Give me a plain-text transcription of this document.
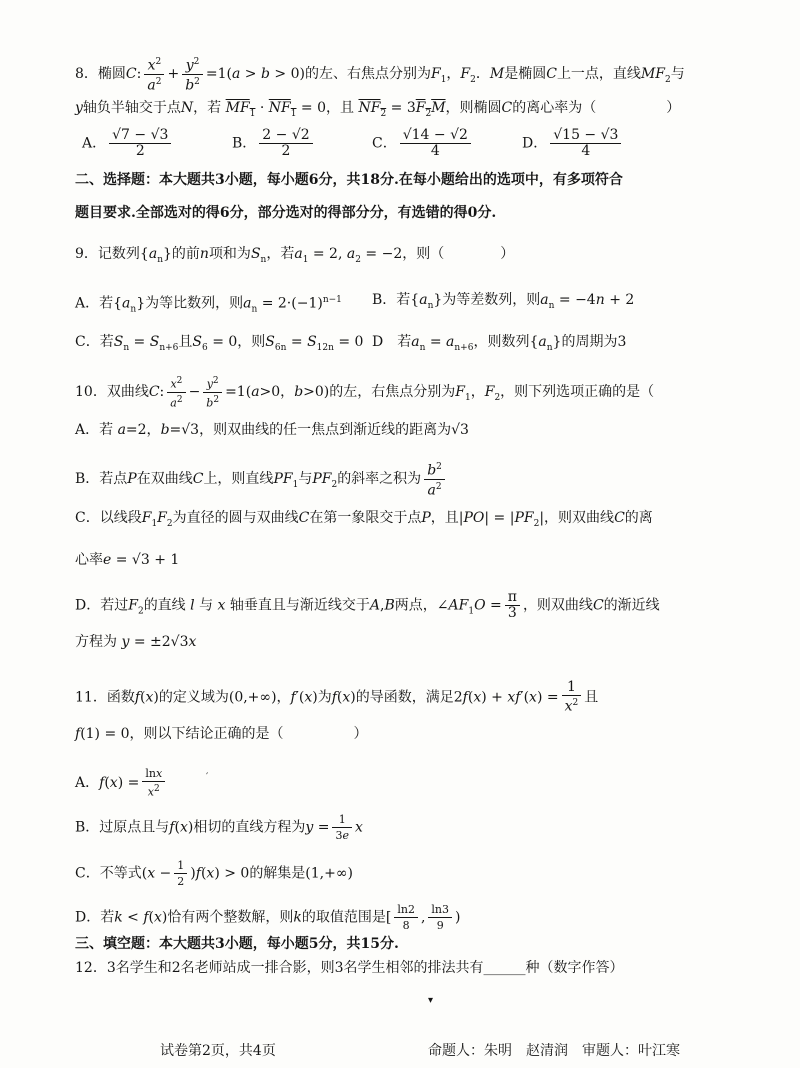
8．椭圆C: $\frac{x^2}{a^2} + \frac{y^2}{b^2} =1(a > b > 0)$的左、右焦点分别为$F_1$，$F_2$．M是椭圆C上一点，直线$MF_2$与
y轴负半轴交于点N，若 $MF_1 \cdot NF_1 = 0$，且 $NF_2 = 3F_2M$，则椭圆C的离心率为（　　　　　）
A． $\frac{√7 - √3}{2}$	B． $\frac{2 - √2}{2}$	C． $\frac{√14 - √2}{4}$	D． $\frac{√15 - √3}{4}$
二、选择题：本大题共3小题，每小题6分，共18分.在每小题给出的选项中，有多项符合
题目要求.全部选对的得6分，部分选对的得部分分，有选错的得0分.
9．记数列$\{a_n\}$的前n项和为$S_n$，若$a_1 = 2$, $a_2 = -2$，则（　　　　）
A．若$\{a_n\}$为等比数列，则$a_n = 2\cdot(-1)^{n-1}$ B．若$\{a_n\}$为等差数列，则$a_n = -4n + 2$
C．若$S_n = S_{n+6}$且$S_6 = 0$，则$S_{6n} = S_{12n} = 0$ D　若$a_n = a_{n+6}$，则数列$\{a_n\}$的周期为3
10．双曲线C: $\frac{x^2}{a^2} - \frac{y^2}{b^2} =1(a>0$，b>0)的左，右焦点分别为$F_1$，$F_2$，则下列选项正确的是（
A．若 a=2，b=√3，则双曲线的任一焦点到渐近线的距离为√3
B．若点P在双曲线C上，则直线$PF_1$与$PF_2$的斜率之积为 $\frac{b^2}{a^2}$
C．以线段$F_1F_2$为直径的圆与双曲线C在第一象限交于点P，且$|PO| = |PF_2|$，则双曲线C的离
心率e = √3 + 1
D．若过$F_2$的直线 l 与 x 轴垂直且与渐近线交于A,B两点，$\angle AF_1O = \frac{\pi}{3}$ ，则双曲线C的渐近线
方程为 y = ±2√3x
11．函数f(x)的定义域为(0,+∞)，f′(x)为f(x)的导函数，满足$2f(x) + xf'(x) = \frac{1}{x^2}$ 且
f(1) = 0，则以下结论正确的是（　　　　　）
A．$f(x) = \frac{\ln x}{x^2}$	′
B．过原点且与f(x)相切的直线方程为$y = \frac{1}{3e}$ x
C．不等式$(x - \frac{1}{2} )f(x) > 0$的解集是(1,+∞)
D．若k < f(x)恰有两个整数解，则k的取值范围是[ $\frac{\ln 2}{8}$ , $\frac{\ln 3}{9}$ )
三、填空题：本大题共3小题，每小题5分，共15分.
12．3名学生和2名老师站成一排合影，则3名学生相邻的排法共有______种（数字作答）
▾
试卷第2页，共4页	命题人：朱明　赵清润　审题人：叶江寒
